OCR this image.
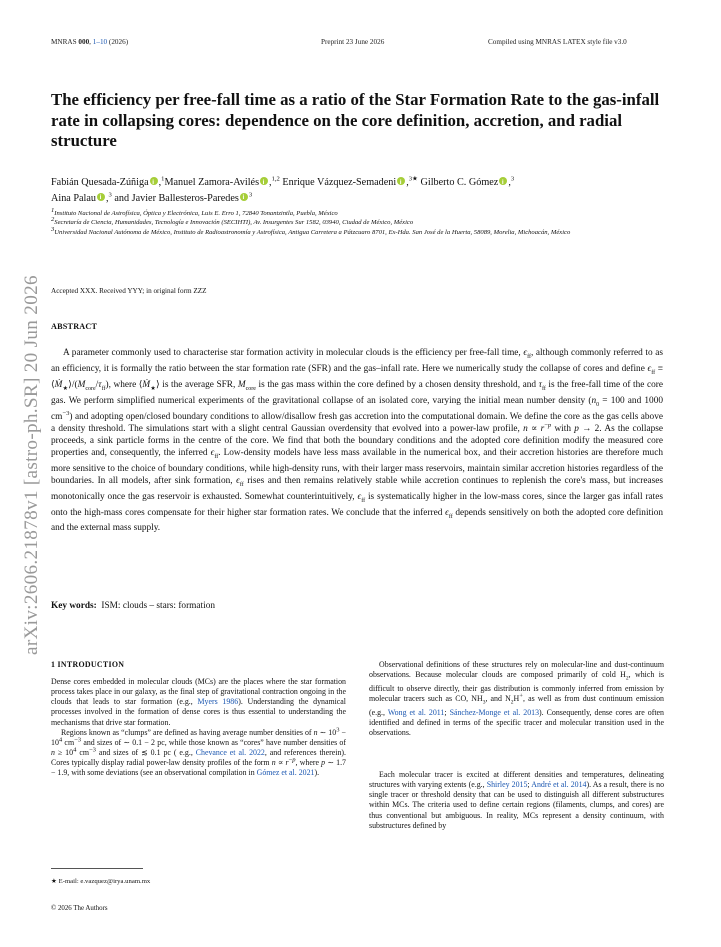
MNRAS 000, 1–10 (2026)	Preprint 23 June 2026	Compiled using MNRAS LATEX style file v3.0
arXiv:2606.21878v1 [astro-ph.SR] 20 Jun 2026
The efficiency per free-fall time as a ratio of the Star Formation Rate to the gas-infall rate in collapsing cores: dependence on the core definition, accretion, and radial structure
Fabián Quesada-Zúñiga i ,$^1$Manuel Zamora-Avilés i ,$^{1,2}$ Enrique Vázquez-Semadeni i ,$^{3★}$ Gilberto C. Gómez i ,$^3$
Aina Palau i ,$^3$ and Javier Ballesteros-Paredes i $^3$
$^1$Instituto Nacional de Astrofísica, Óptica y Electrónica, Luis E. Erro 1, 72840 Tonantzintla, Puebla, México
$^2$Secretaría de Ciencia, Humanidades, Tecnología e Innovación (SECIHTI), Av. Insurgentes Sur 1582, 03940, Ciudad de México, México
$^3$Universidad Nacional Autónoma de México, Instituto de Radioastronomía y Astrofísica, Antigua Carretera a Pátzcuaro 8701, Ex-Hda. San José de la Huerta, 58089, Morelia, Michoacán, México
Accepted XXX. Received YYY; in original form ZZZ
ABSTRACT

A parameter commonly used to characterise star formation activity in molecular clouds is the efficiency per free-fall time, $\epsilon_{ff}$, although commonly referred to as an efficiency, it is formally the ratio between the star formation rate (SFR) and the gas–infall rate. Here we numerically study the collapse of cores and define $\epsilon_{ff}$ ≡ $⟨Ṁ_★⟩/(M_{core}/\tau_{ff})$, where ⟨Ṁ$_★$⟩ is the average SFR, $M_{core}$ is the gas mass within the core defined by a chosen density threshold, and $\tau_{ff}$ is the free-fall time of the core gas. We perform simplified numerical experiments of the gravitational collapse of an isolated core, varying the initial mean number density ($n_0 = 100$ and 1000 $cm^{-3}$) and adopting open/closed boundary conditions to allow/disallow fresh gas accretion into the computational domain. We define the core as the gas cells above a density threshold. The simulations start with a slight central Gaussian overdensity that evolved into a power-law profile, $n \propto r^{-p}$ with p → 2. As the collapse proceeds, a sink particle forms in the centre of the core. We find that both the boundary conditions and the adopted core definition modify the measured core properties and, consequently, the inferred $\epsilon_{ff}$. Low-density models have less mass available in the numerical box, and their accretion histories are therefore much more sensitive to the choice of boundary conditions, while high-density runs, with their larger mass reservoirs, maintain similar accretion histories regardless of the boundaries. In all models, after sink formation, $\epsilon_{ff}$ rises and then remains relatively stable while accretion continues to replenish the core's mass, but increases monotonically once the gas reservoir is exhausted. Somewhat counterintuitively, $\epsilon_{ff}$ is systematically higher in the low-mass cores, since the larger gas infall rates onto the high-mass cores compensate for their higher star formation rates. We conclude that the inferred $\epsilon_{ff}$ depends sensitively on both the adopted core definition and the external mass supply.

Key words: ISM: clouds – stars: formation
1 INTRODUCTION

Dense cores embedded in molecular clouds (MCs) are the places where the star formation process takes place in our galaxy, as the final step of gravitational contraction ongoing in the clouds that leads to star formation (e.g., Myers 1986). Understanding the dynamical processes involved in the formation of dense cores is thus essential to understanding the mechanisms that drive star formation.

Regions known as “clumps” are defined as having average number densities of n ∼ $10^3 - 10^4$ $cm^{-3}$ and sizes of ∼ 0.1 − 2 pc, while those known as “cores” have number densities of $n \ge 10^4$ $cm^{-3}$ and sizes of ≲ 0.1 pc ( e.g., Chevance et al. 2022, and references therein). Cores typically display radial power-law density profiles of the form $n \propto r^{-p}$, where p ∼ 1.7 − 1.9, with some deviations (see an observational compilation in Gómez et al. 2021).

Observational definitions of these structures rely on molecular-line and dust-continuum observations. Because molecular clouds are composed primarily of cold $H_2$, which is difficult to observe directly, their gas distribution is commonly inferred from emission by molecular tracers such as CO, $NH_3$, and $N_2H^+$, as well as from dust continuum emission (e.g., Wong et al. 2011; Sánchez-Monge et al. 2013). Consequently, dense cores are often identified and defined in terms of the specific tracer and molecular transition used in the observations.

Each molecular tracer is excited at different densities and temperatures, delineating structures with varying extents (e.g., Shirley 2015; André et al. 2014). As a result, there is no single tracer or threshold density that can be used to distinguish all different substructures within MCs. The criteria used to define certain regions (filaments, clumps, and cores) are thus conventional but ambiguous. In reality, MCs represent a density continuum, with substructures defined by

★ E-mail: e.vazquez@irya.unam.mx
© 2026 The Authors
